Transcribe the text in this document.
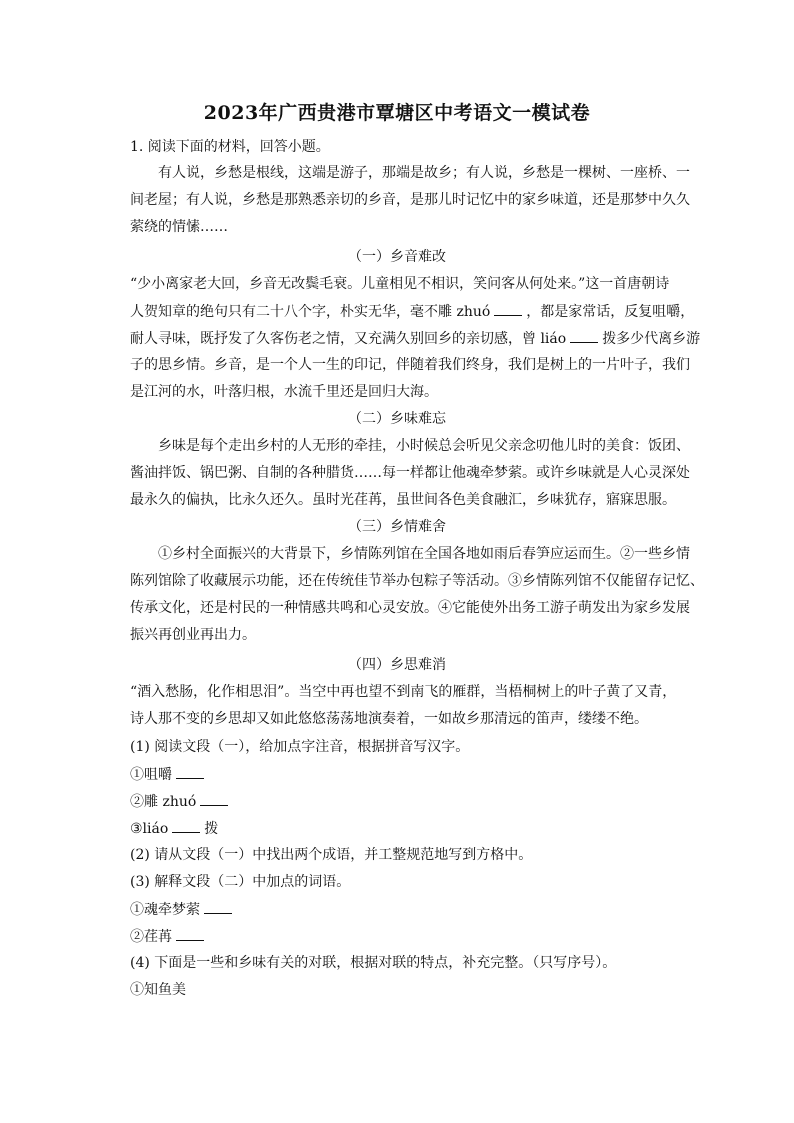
2023年广西贵港市覃塘区中考语文一模试卷
1. 阅读下面的材料，回答小题。
有人说，乡愁是根线，这端是游子，那端是故乡；有人说，乡愁是一棵树、一座桥、一
间老屋；有人说，乡愁是那熟悉亲切的乡音，是那儿时记忆中的家乡味道，还是那梦中久久
萦绕的情愫……
（一）乡音难改
“少小离家老大回，乡音无改鬓毛衰。儿童相见不相识，笑问客从何处来。”这一首唐朝诗
人贺知章的绝句只有二十八个字，朴实无华，毫不雕 zhuó	，都是家常话，反复咀嚼，
耐人寻味，既抒发了久客伤老之情，又充满久别回乡的亲切感，曾 liáo	拨多少代离乡游
子的思乡情。乡音，是一个人一生的印记，伴随着我们终身，我们是树上的一片叶子，我们
是江河的水，叶落归根，水流千里还是回归大海。
（二）乡味难忘
乡味是每个走出乡村的人无形的牵挂，小时候总会听见父亲念叨他儿时的美食：饭团、
酱油拌饭、锅巴粥、自制的各种腊货……每一样都让他魂牵梦萦。或许乡味就是人心灵深处
最永久的偏执，比永久还久。虽时光荏苒，虽世间各色美食融汇，乡味犹存，寤寐思服。
（三）乡情难舍
①乡村全面振兴的大背景下，乡情陈列馆在全国各地如雨后春笋应运而生。②一些乡情
陈列馆除了收藏展示功能，还在传统佳节举办包粽子等活动。③乡情陈列馆不仅能留存记忆、
传承文化，还是村民的一种情感共鸣和心灵安放。④它能使外出务工游子萌发出为家乡发展
振兴再创业再出力。
（四）乡思难消
“酒入愁肠，化作相思泪”。当空中再也望不到南飞的雁群，当梧桐树上的叶子黄了又青，
诗人那不变的乡思却又如此悠悠荡荡地演奏着，一如故乡那清远的笛声，缕缕不绝。
(1) 阅读文段（一），给加点字注音，根据拼音写汉字。
①咀嚼
②雕 zhuó
③liáo	拨
(2) 请从文段（一）中找出两个成语，并工整规范地写到方格中。
(3) 解释文段（二）中加点的词语。
①魂牵梦萦
②荏苒
(4) 下面是一些和乡味有关的对联，根据对联的特点，补充完整。（只写序号）。
①知鱼美
